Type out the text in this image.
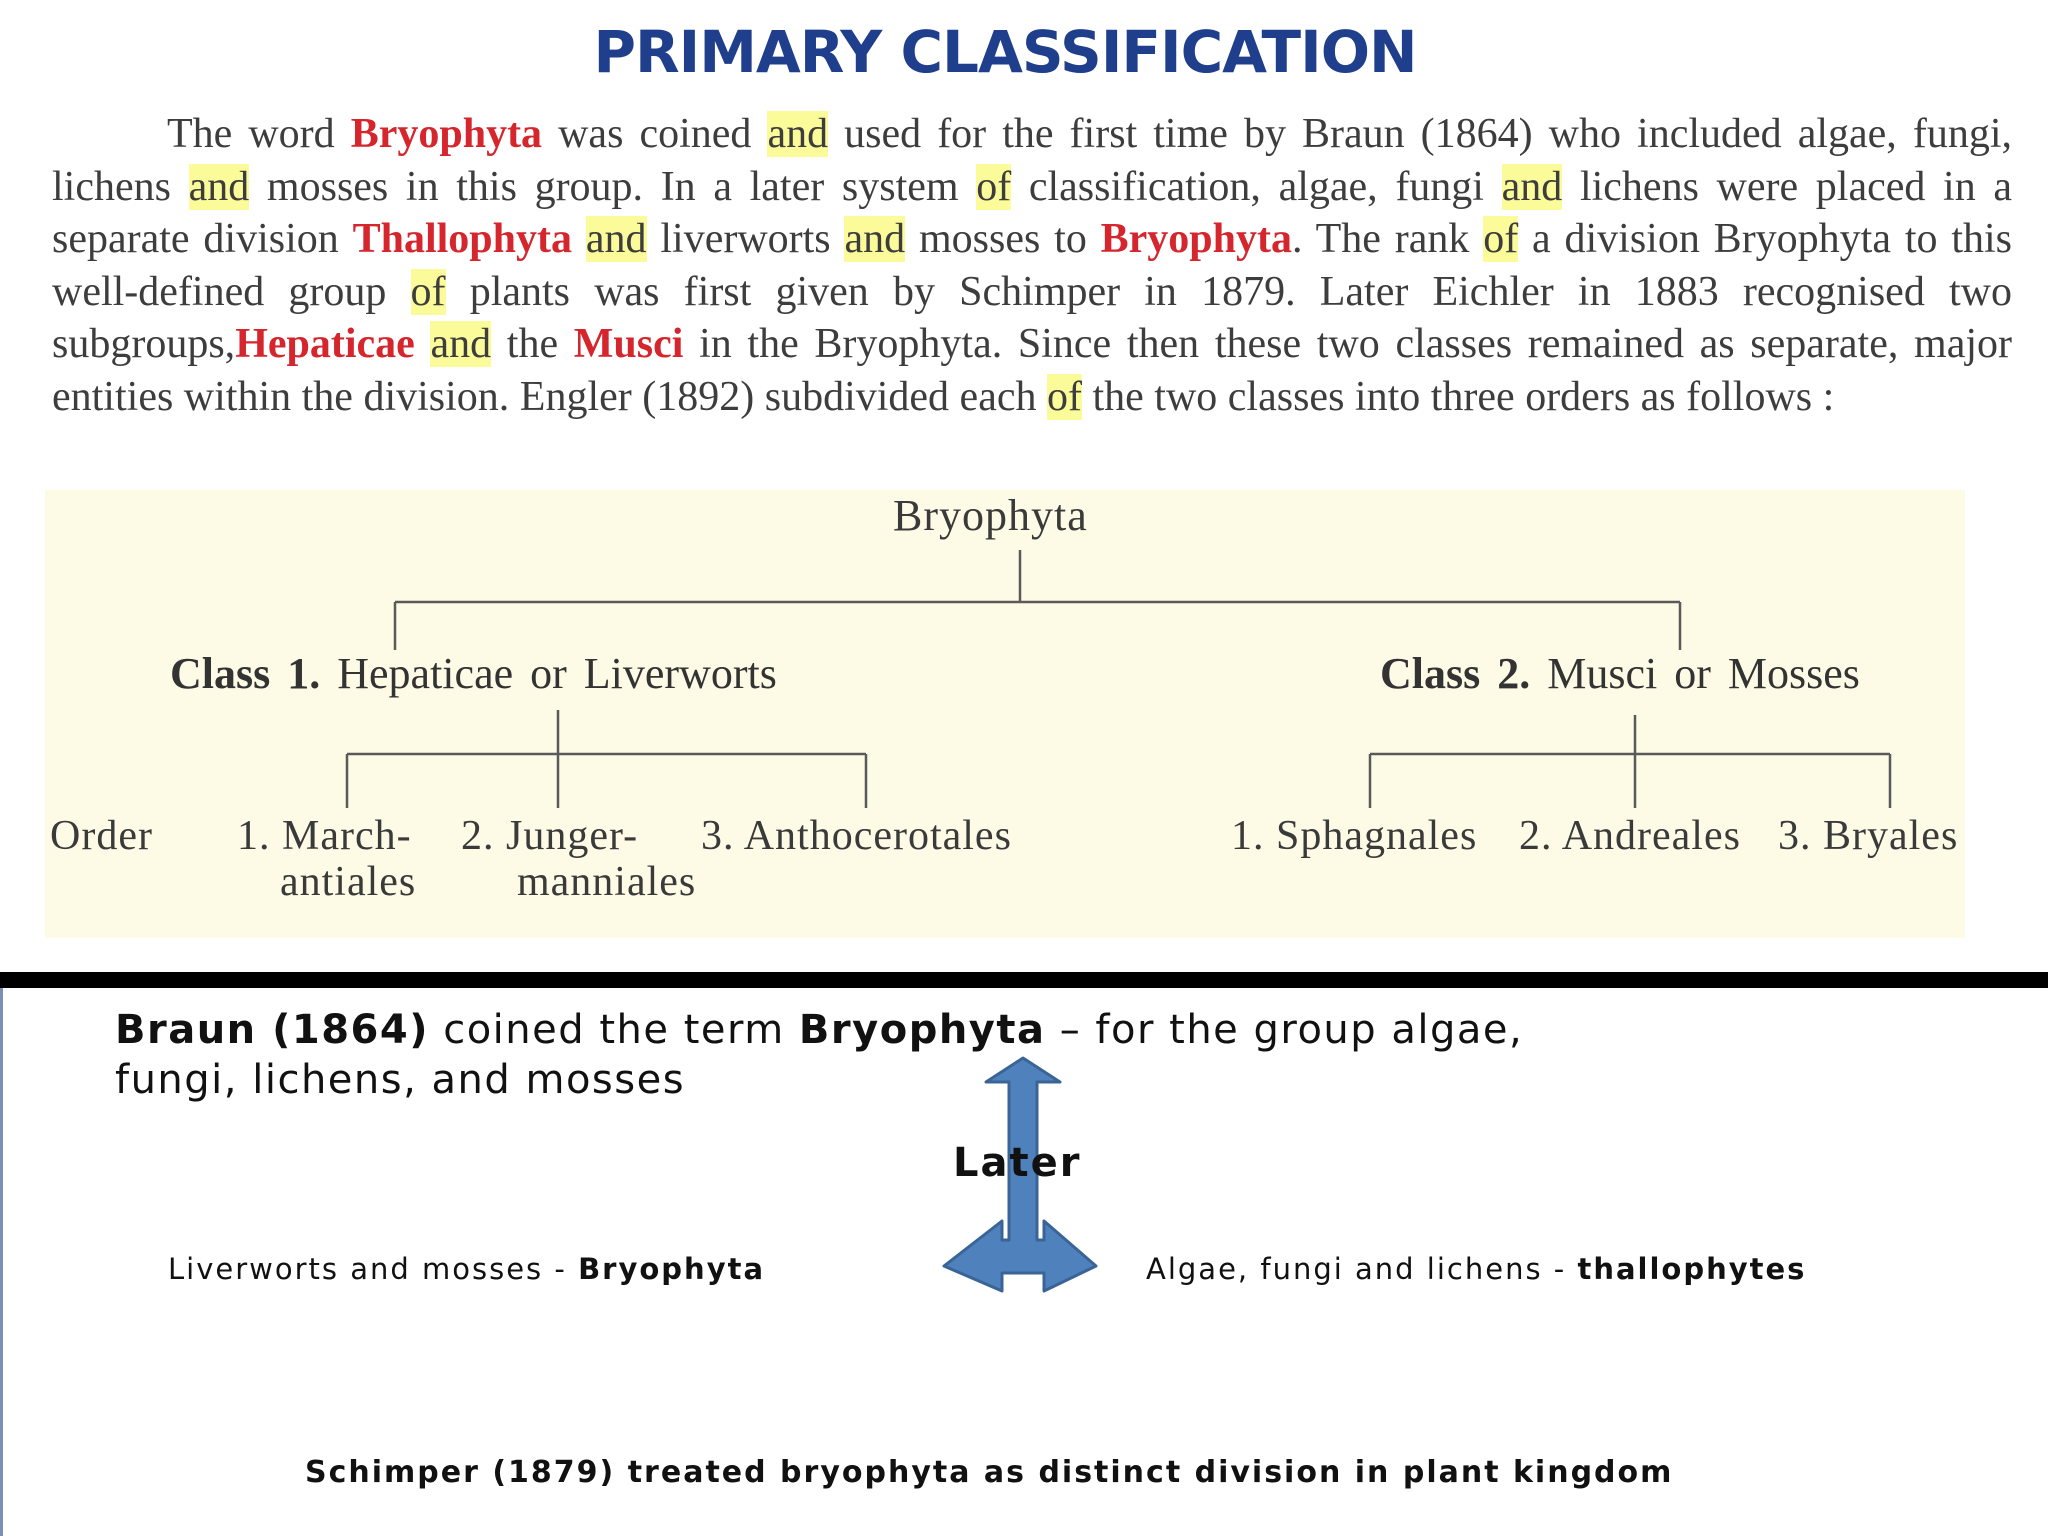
PRIMARY CLASSIFICATION
The word Bryophyta was coined and used for the first time by Braun (1864) who included algae, fungi, lichens and mosses in this group. In a later system of classification, algae, fungi and lichens were placed in a separate division Thallophyta and liverworts and mosses to Bryophyta. The rank of a division Bryophyta to this well-defined group of plants was first given by Schimper in 1879. Later Eichler in 1883 recognised two subgroups,Hepaticae and the Musci in the Bryophyta. Since then these two classes remained as separate, major entities within the division. Engler (1892) subdivided each of the two classes into three orders as follows :
Bryophyta
Class 1. Hepaticae or Liverworts	Class 2. Musci or Mosses
Order 1. March-
antiales
2. Junger-
manniales
3. Anthocerotales	1. Sphagnales 2. Andreales 3. Bryales
Braun (1864) coined the term Bryophyta – for the group algae,
fungi, lichens, and mosses
Later
Liverworts and mosses - Bryophyta	Algae, fungi and lichens - thallophytes
Schimper (1879) treated bryophyta as distinct division in plant kingdom
